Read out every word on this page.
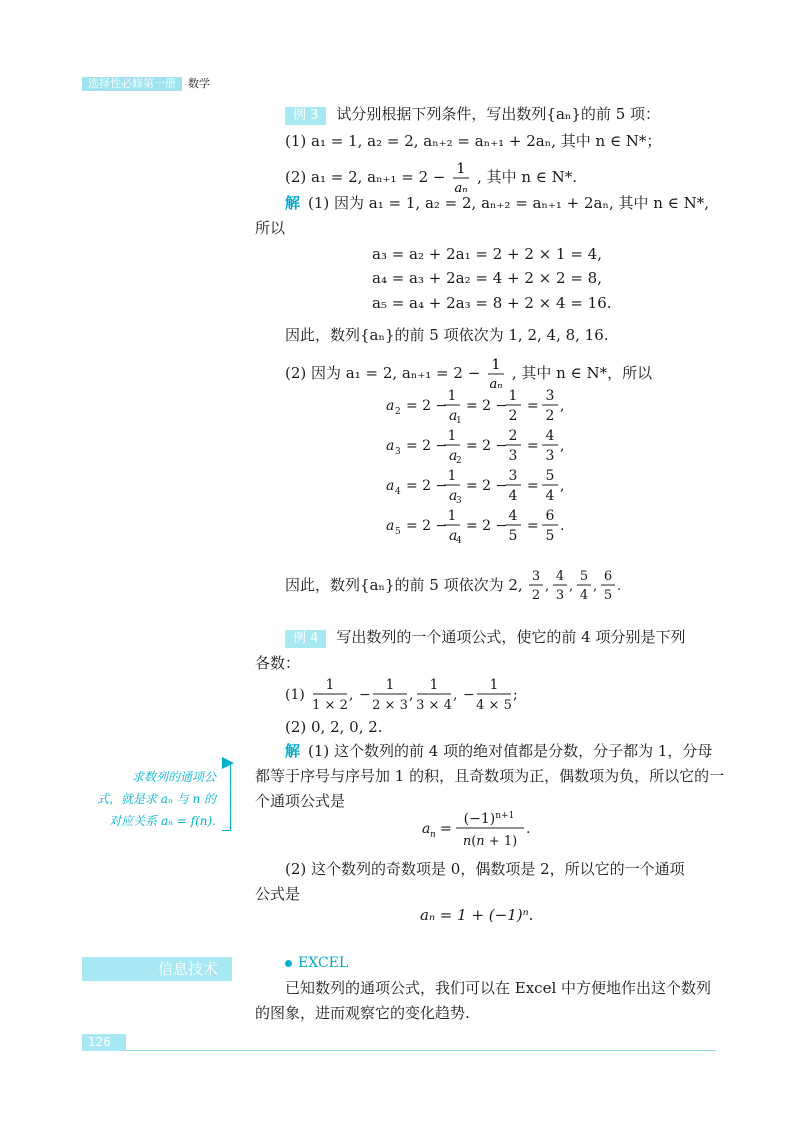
选择性必修第一册 数学
例 3 试分别根据下列条件，写出数列{aₙ}的前 5 项：
(1) a₁ = 1, a₂ = 2, aₙ₊₂ = aₙ₊₁ + 2aₙ, 其中 n ∈ N*；
(2) a₁ = 2, aₙ₊₁ = 2 − 1
aₙ
, 其中 n ∈ N*.
解 (1) 因为 a₁ = 1, a₂ = 2, aₙ₊₂ = aₙ₊₁ + 2aₙ, 其中 n ∈ N*,
所以
a₃ = a₂ + 2a₁ = 2 + 2 × 1 = 4,
a₄ = a₃ + 2a₂ = 4 + 2 × 2 = 8,
a₅ = a₄ + 2a₃ = 8 + 2 × 4 = 16.
因此，数列{aₙ}的前 5 项依次为 1, 2, 4, 8, 16.
(2) 因为 a₁ = 2, aₙ₊₁ = 2 − 1
aₙ
, 其中 n ∈ N*，所以
a 2 = 2 −
1
a
1
= 2 −
1
2
=
3
2
,
a 3 = 2 −
1
a
2
= 2 −
2
3
=
4
3
,
a 4 = 2 −
1
a
3
= 2 −
3
4
=
5
4
,
a 5 = 2 −
1
a
4
= 2 −
4
5
=
6
5
.
因此，数列{aₙ}的前 5 项依次为 2, 3
2
,
4
3
,
5
4
,
6
5
.
例 4 写出数列的一个通项公式，使它的前 4 项分别是下列
各数：
(1)
1
1 × 2
, −
1
2 × 3
,
1
3 × 4
, −
1
4 × 5
;
(2) 0, 2, 0, 2.
解 (1) 这个数列的前 4 项的绝对值都是分数，分子都为 1，分母
都等于序号与序号加 1 的积，且奇数项为正，偶数项为负，所以它的一
个通项公式是
a n =
$(-1)^{n+1}$
n(n + 1)
.
(2) 这个数列的奇数项是 0，偶数项是 2，所以它的一个通项
公式是
aₙ = 1 + (−1)ⁿ.
求数列的通项公
式，就是求 aₙ 与 n 的
对应关系 aₙ = f(n).
信息技术	EXCEL
已知数列的通项公式，我们可以在 Excel 中方便地作出这个数列
的图象，进而观察它的变化趋势.
126
